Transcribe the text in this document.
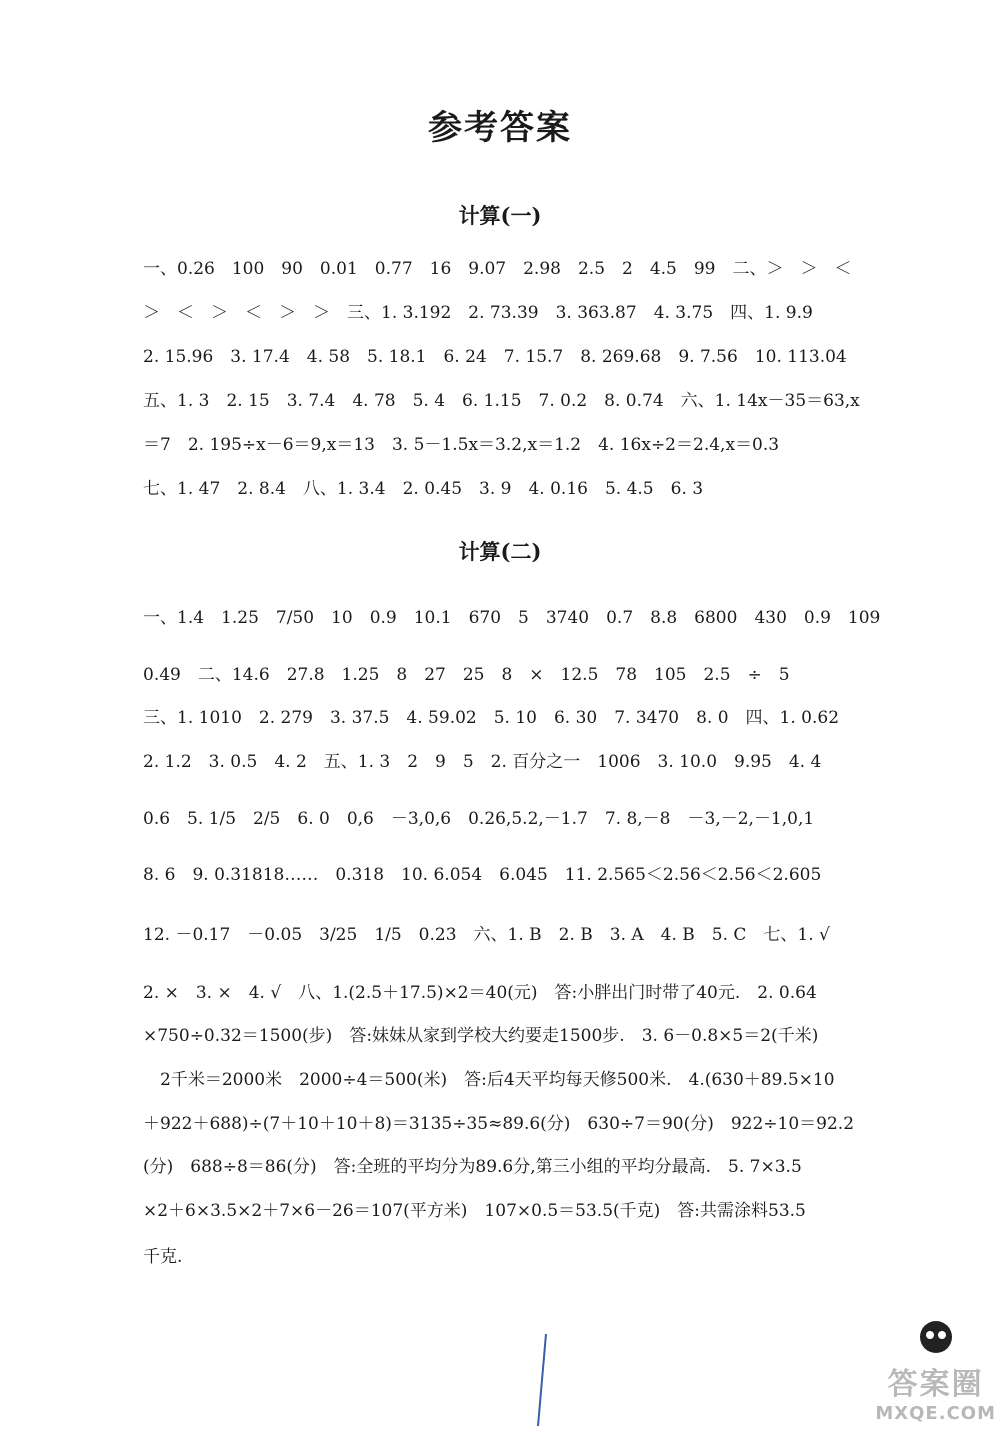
参考答案
计算(一)
一、0.26　100　90　0.01　0.77　16　9.07　2.98　2.5　2　4.5　99　二、＞　＞　＜
＞　＜　＞　＜　＞　＞　三、1. 3.192　2. 73.39　3. 363.87　4. 3.75　四、1. 9.9
2. 15.96　3. 17.4　4. 58　5. 18.1　6. 24　7. 15.7　8. 269.68　9. 7.56　10. 113.04
五、1. 3　2. 15　3. 7.4　4. 78　5. 4　6. 1.15　7. 0.2　8. 0.74　六、1. 14x－35＝63,x
＝7　2. 195÷x－6＝9,x＝13　3. 5－1.5x＝3.2,x＝1.2　4. 16x÷2＝2.4,x＝0.3
七、1. 47　2. 8.4　八、1. 3.4　2. 0.45　3. 9　4. 0.16　5. 4.5　6. 3
计算(二)
一、1.4　1.25　7/50　10　0.9　10.1　670　5　3740　0.7　8.8　6800　430　0.9　109
0.49　二、14.6　27.8　1.25　8　27　25　8　×　12.5　78　105　2.5　÷　5
三、1. 1010　2. 279　3. 37.5　4. 59.02　5. 10　6. 30　7. 3470　8. 0　四、1. 0.62
2. 1.2　3. 0.5　4. 2　五、1. 3　2　9　5　2. 百分之一　1006　3. 10.0　9.95　4. 4
0.6　5. 1/5　2/5　6. 0　0,6　－3,0,6　0.26,5.2,－1.7　7. 8,－8　－3,－2,－1,0,1
8. 6　9. 0.31818……　0.318　10. 6.054　6.045　11. 2.565＜2.56＜2.56＜2.605
12. －0.17　－0.05　3/25　1/5　0.23　六、1. B　2. B　3. A　4. B　5. C　七、1. √
2. ×　3. ×　4. √　八、1.(2.5＋17.5)×2＝40(元)　答:小胖出门时带了40元.　2. 0.64
×750÷0.32＝1500(步)　答:妹妹从家到学校大约要走1500步.　3. 6－0.8×5＝2(千米)
　2千米＝2000米　2000÷4＝500(米)　答:后4天平均每天修500米.　4.(630＋89.5×10
＋922＋688)÷(7＋10＋10＋8)＝3135÷35≈89.6(分)　630÷7＝90(分)　922÷10＝92.2
(分)　688÷8＝86(分)　答:全班的平均分为89.6分,第三小组的平均分最高.　5. 7×3.5
×2＋6×3.5×2＋7×6－26＝107(平方米)　107×0.5＝53.5(千克)　答:共需涂料53.5
千克.
答案圈
MXQE.COM
